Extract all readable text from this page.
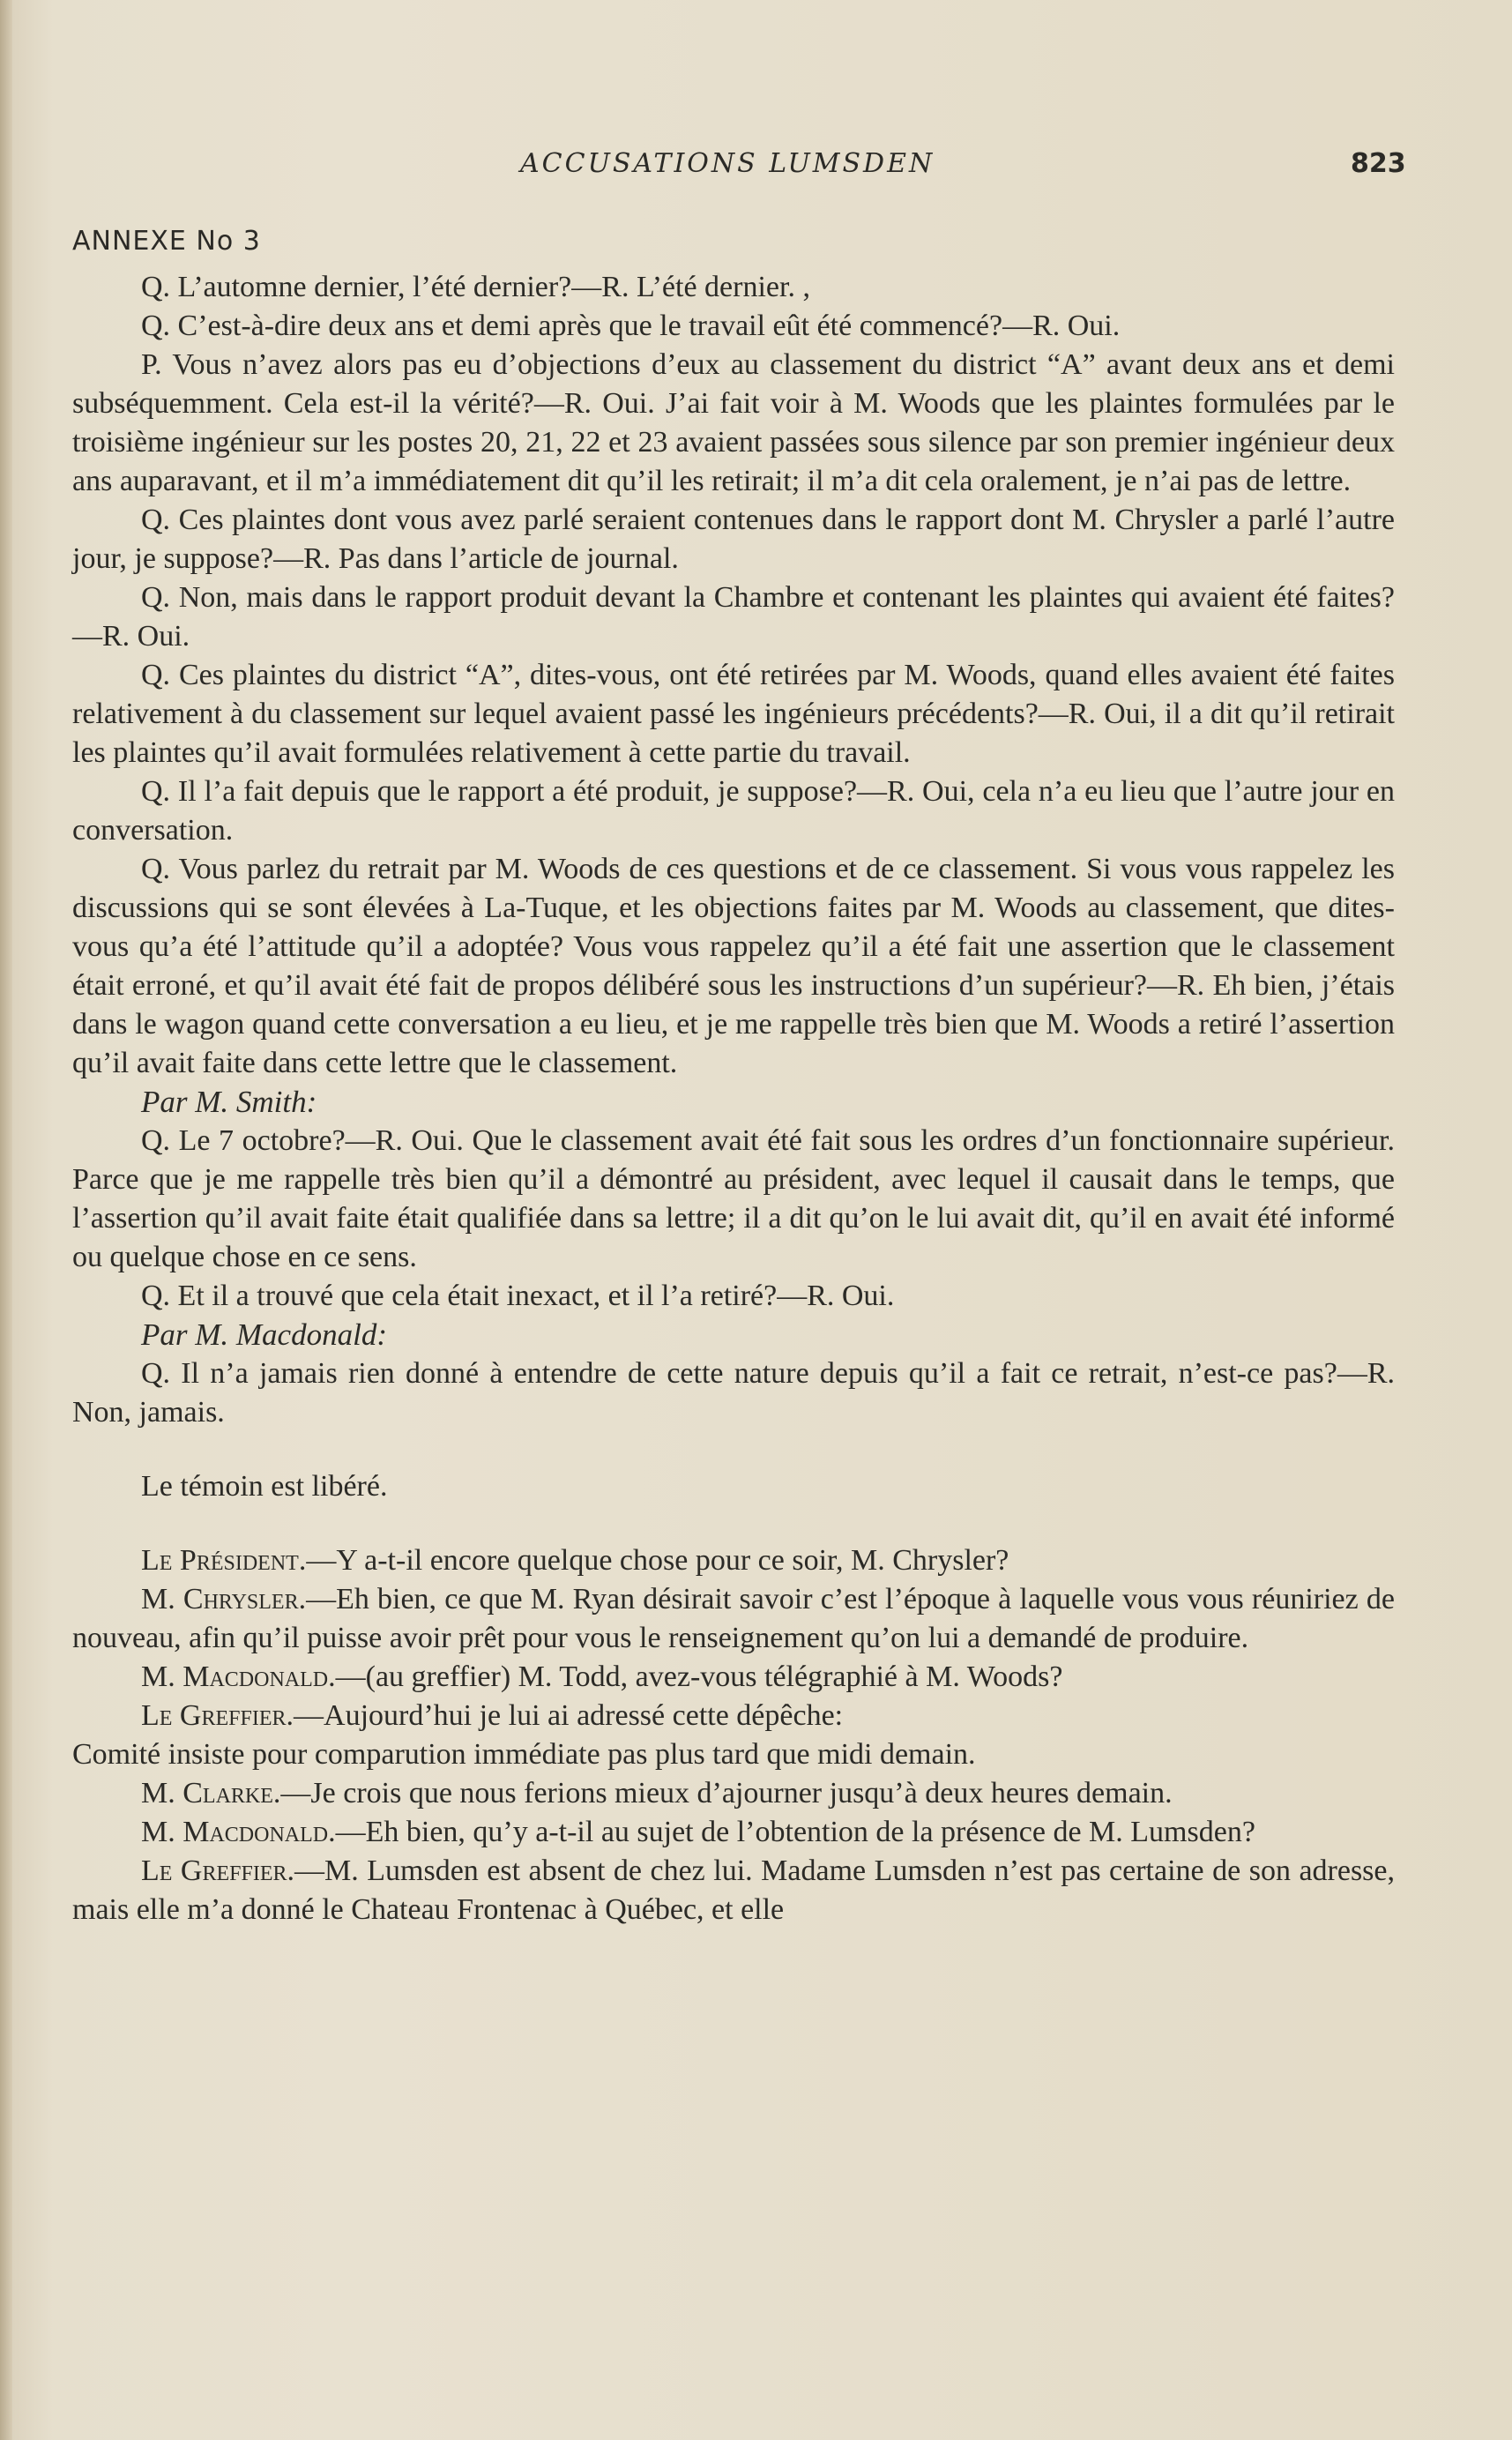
ACCUSATIONS LUMSDEN	823
ANNEXE No 3

Q. L’automne dernier, l’été dernier?—R. L’été dernier. ,

Q. C’est-à-dire deux ans et demi après que le travail eût été commencé?—R. Oui.

P. Vous n’avez alors pas eu d’objections d’eux au classement du district “A” avant deux ans et demi subséquemment. Cela est-il la vérité?—R. Oui. J’ai fait voir à M. Woods que les plaintes formulées par le troisième ingénieur sur les postes 20, 21, 22 et 23 avaient passées sous silence par son premier ingénieur deux ans auparavant, et il m’a immédiatement dit qu’il les retirait; il m’a dit cela oralement, je n’ai pas de lettre.

Q. Ces plaintes dont vous avez parlé seraient contenues dans le rapport dont M. Chrysler a parlé l’autre jour, je suppose?—R. Pas dans l’article de journal.

Q. Non, mais dans le rapport produit devant la Chambre et contenant les plaintes qui avaient été faites?—R. Oui.

Q. Ces plaintes du district “A”, dites-vous, ont été retirées par M. Woods, quand elles avaient été faites relativement à du classement sur lequel avaient passé les ingénieurs précédents?—R. Oui, il a dit qu’il retirait les plaintes qu’il avait formulées relativement à cette partie du travail.

Q. Il l’a fait depuis que le rapport a été produit, je suppose?—R. Oui, cela n’a eu lieu que l’autre jour en conversation.

Q. Vous parlez du retrait par M. Woods de ces questions et de ce classement. Si vous vous rappelez les discussions qui se sont élevées à La-Tuque, et les objections faites par M. Woods au classement, que dites-vous qu’a été l’attitude qu’il a adoptée? Vous vous rappelez qu’il a été fait une assertion que le classement était erroné, et qu’il avait été fait de propos délibéré sous les instructions d’un supérieur?—R. Eh bien, j’étais dans le wagon quand cette conversation a eu lieu, et je me rappelle très bien que M. Woods a retiré l’assertion qu’il avait faite dans cette lettre que le classement.

Par M. Smith:

Q. Le 7 octobre?—R. Oui. Que le classement avait été fait sous les ordres d’un fonctionnaire supérieur. Parce que je me rappelle très bien qu’il a démontré au président, avec lequel il causait dans le temps, que l’assertion qu’il avait faite était qualifiée dans sa lettre; il a dit qu’on le lui avait dit, qu’il en avait été informé ou quelque chose en ce sens.

Q. Et il a trouvé que cela était inexact, et il l’a retiré?—R. Oui.

Par M. Macdonald:

Q. Il n’a jamais rien donné à entendre de cette nature depuis qu’il a fait ce retrait, n’est-ce pas?—R. Non, jamais.

Le témoin est libéré.

Le Président.—Y a-t-il encore quelque chose pour ce soir, M. Chrysler?

M. Chrysler.—Eh bien, ce que M. Ryan désirait savoir c’est l’époque à laquelle vous vous réuniriez de nouveau, afin qu’il puisse avoir prêt pour vous le renseignement qu’on lui a demandé de produire.

M. Macdonald.—(au greffier) M. Todd, avez-vous télégraphié à M. Woods?

Le Greffier.—Aujourd’hui je lui ai adressé cette dépêche:

Comité insiste pour comparution immédiate pas plus tard que midi demain.

M. Clarke.—Je crois que nous ferions mieux d’ajourner jusqu’à deux heures demain.

M. Macdonald.—Eh bien, qu’y a-t-il au sujet de l’obtention de la présence de M. Lumsden?

Le Greffier.—M. Lumsden est absent de chez lui. Madame Lumsden n’est pas certaine de son adresse, mais elle m’a donné le Chateau Frontenac à Québec, et elle
